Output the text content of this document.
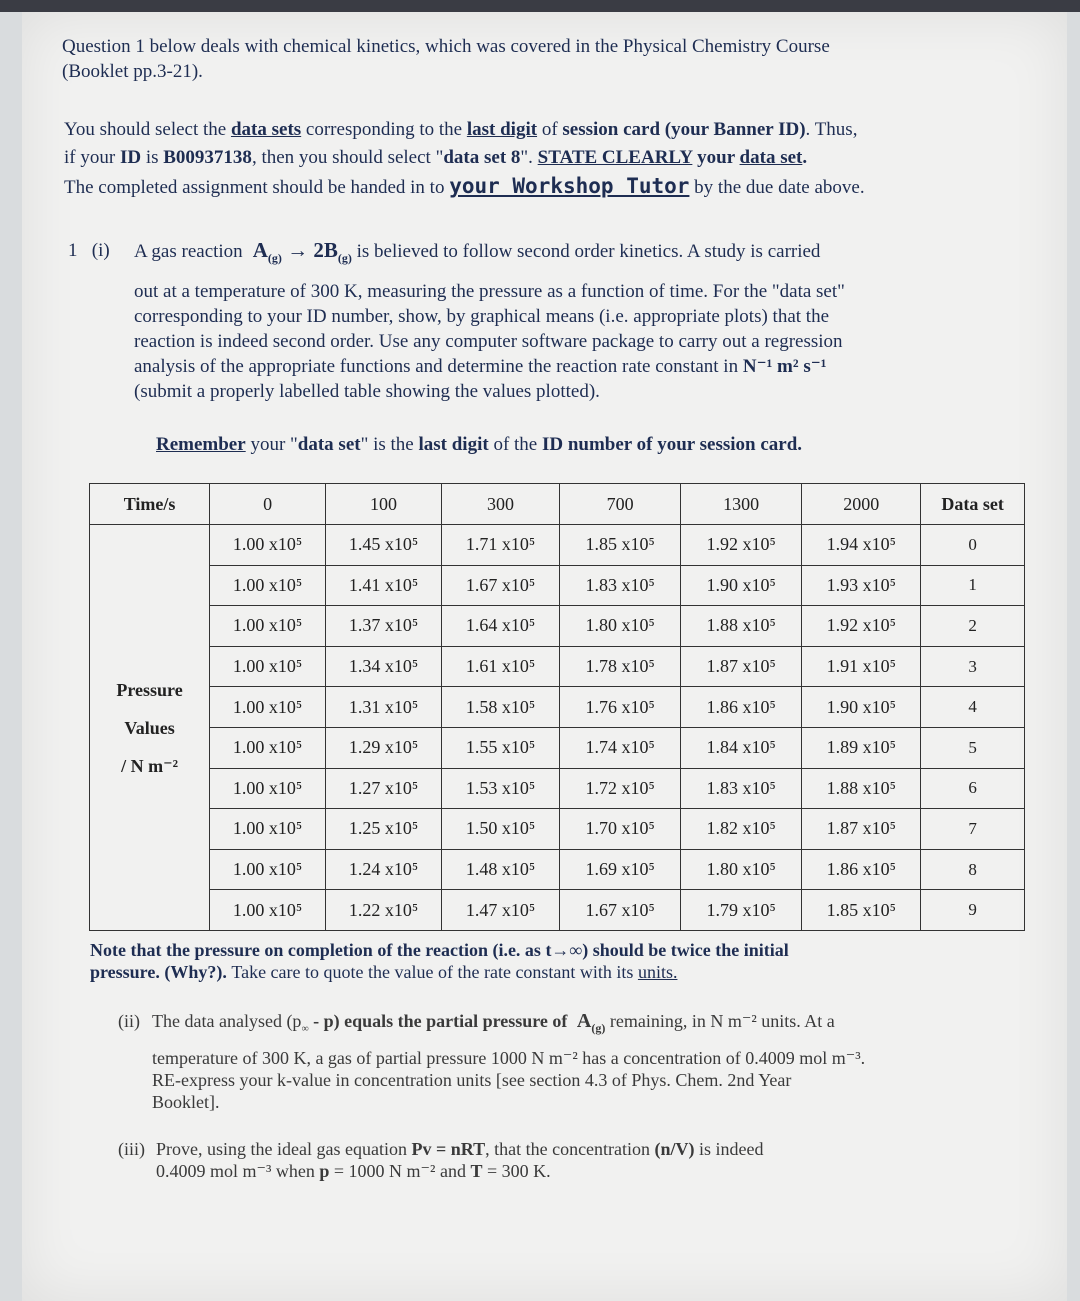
Question 1 below deals with chemical kinetics, which was covered in the Physical Chemistry Course
(Booklet pp.3-21).
You should select the data sets corresponding to the last digit of session card (your Banner ID). Thus,
if your ID is B00937138, then you should select "data set 8". STATE CLEARLY your data set.
The completed assignment should be handed in to your Workshop Tutor by the due date above.
1 (i) A gas reaction $A_{(g)} \to 2B_{(g)}$ is believed to follow second order kinetics. A study is carried
out at a temperature of 300 K, measuring the pressure as a function of time. For the "data set"
corresponding to your ID number, show, by graphical means (i.e. appropriate plots) that the
reaction is indeed second order. Use any computer software package to carry out a regression
analysis of the appropriate functions and determine the reaction rate constant in N⁻¹ m² s⁻¹
(submit a properly labelled table showing the values plotted).
Remember your "data set" is the last digit of the ID number of your session card.
Time/s	0	100	300	700	1300	2000	Data set

Pressure
Values
/ N m⁻²	1.00 x10⁵	1.45 x10⁵	1.71 x10⁵	1.85 x10⁵	1.92 x10⁵	1.94 x10⁵	0
	1.00 x10⁵	1.41 x10⁵	1.67 x10⁵	1.83 x10⁵	1.90 x10⁵	1.93 x10⁵	1
	1.00 x10⁵	1.37 x10⁵	1.64 x10⁵	1.80 x10⁵	1.88 x10⁵	1.92 x10⁵	2
	1.00 x10⁵	1.34 x10⁵	1.61 x10⁵	1.78 x10⁵	1.87 x10⁵	1.91 x10⁵	3
	1.00 x10⁵	1.31 x10⁵	1.58 x10⁵	1.76 x10⁵	1.86 x10⁵	1.90 x10⁵	4
	1.00 x10⁵	1.29 x10⁵	1.55 x10⁵	1.74 x10⁵	1.84 x10⁵	1.89 x10⁵	5
	1.00 x10⁵	1.27 x10⁵	1.53 x10⁵	1.72 x10⁵	1.83 x10⁵	1.88 x10⁵	6
	1.00 x10⁵	1.25 x10⁵	1.50 x10⁵	1.70 x10⁵	1.82 x10⁵	1.87 x10⁵	7
	1.00 x10⁵	1.24 x10⁵	1.48 x10⁵	1.69 x10⁵	1.80 x10⁵	1.86 x10⁵	8
	1.00 x10⁵	1.22 x10⁵	1.47 x10⁵	1.67 x10⁵	1.79 x10⁵	1.85 x10⁵	9
Note that the pressure on completion of the reaction (i.e. as t→∞) should be twice the initial
pressure. (Why?). Take care to quote the value of the rate constant with its units.
(ii) The data analysed $(p_\infty - p)$ equals the partial pressure of $A_{(g)}$ remaining, in N m⁻² units. At a
temperature of 300 K, a gas of partial pressure 1000 N m⁻² has a concentration of 0.4009 mol m⁻³.
RE-express your k-value in concentration units [see section 4.3 of Phys. Chem. 2nd Year
Booklet].
(iii) Prove, using the ideal gas equation Pv = nRT, that the concentration (n/V) is indeed
0.4009 mol m⁻³ when p = 1000 N m⁻² and T = 300 K.
